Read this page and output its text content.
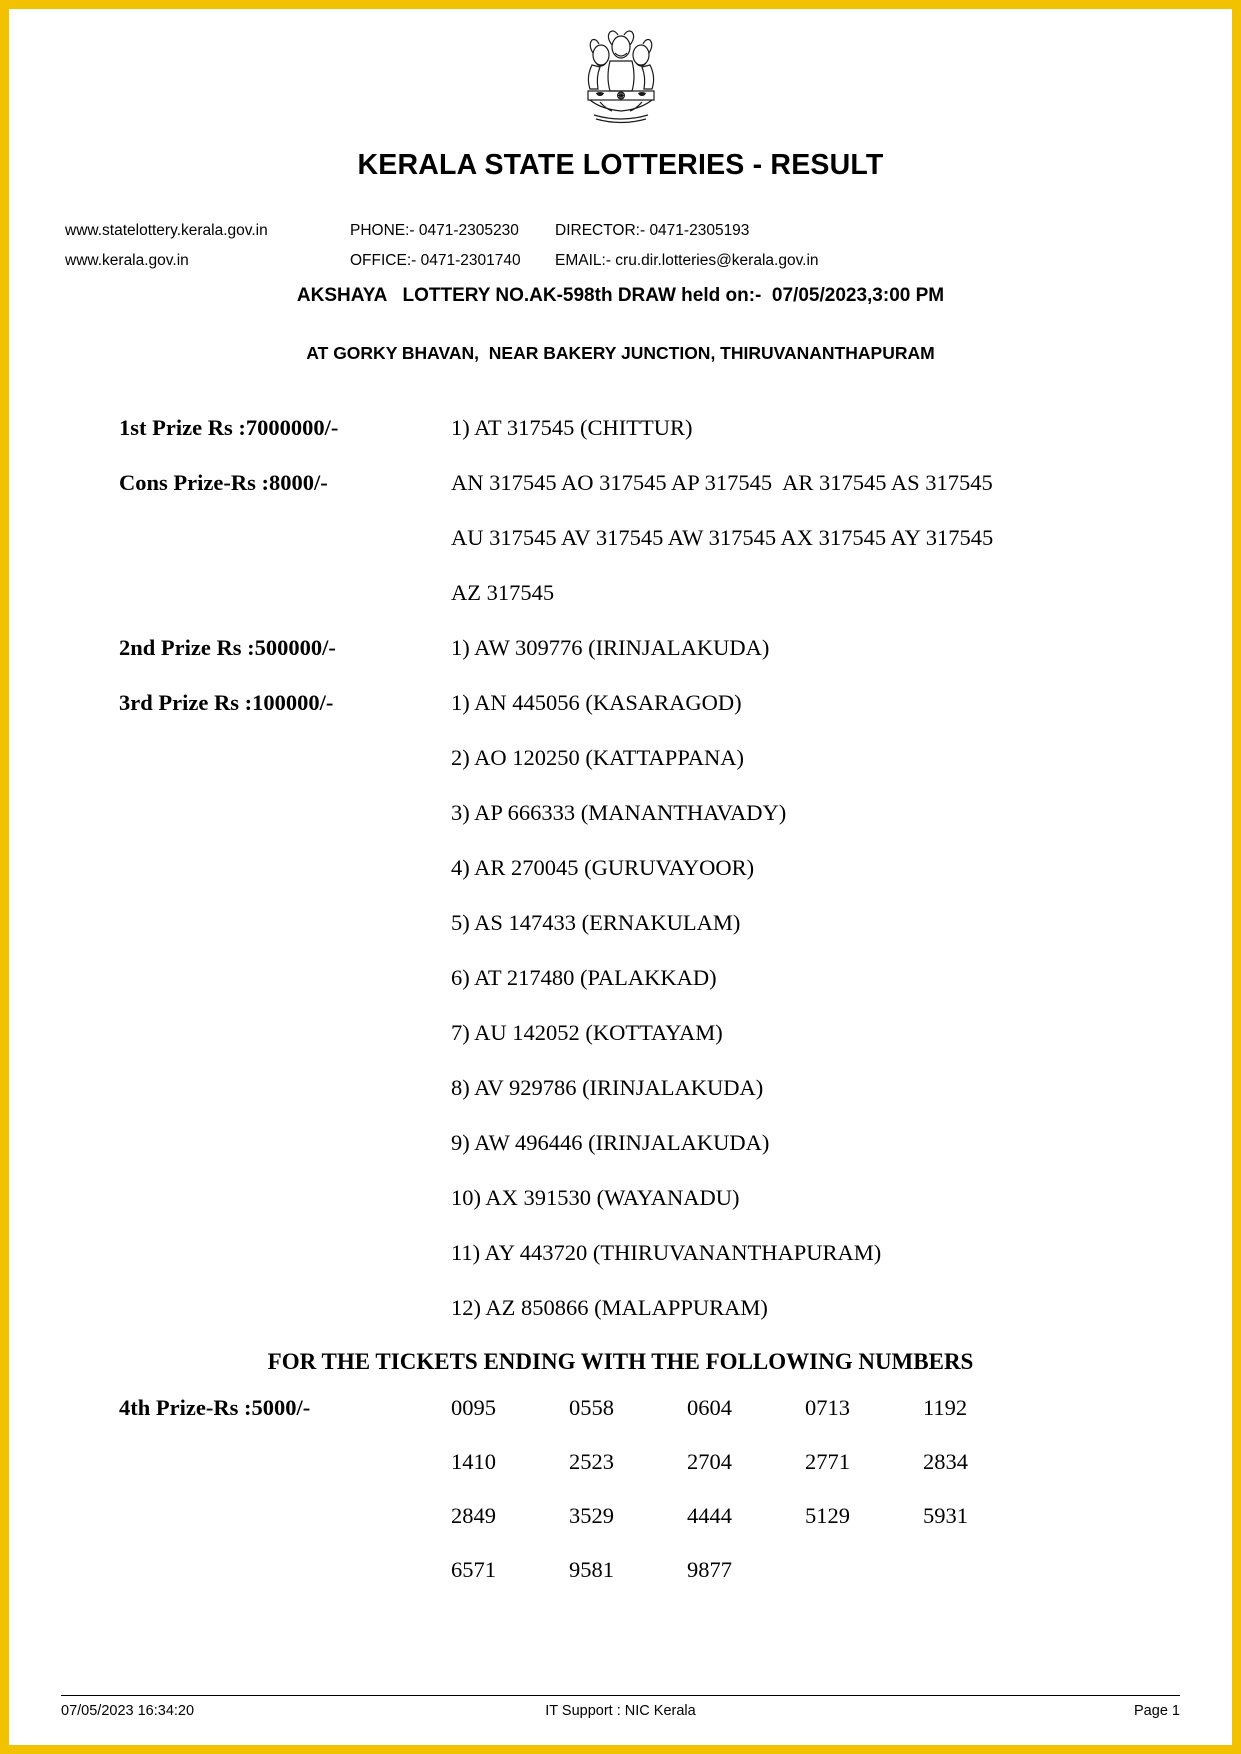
KERALA STATE LOTTERIES - RESULT
www.statelottery.kerala.gov.in	PHONE:- 0471-2305230	DIRECTOR:- 0471-2305193
www.kerala.gov.in	OFFICE:- 0471-2301740	EMAIL:- cru.dir.lotteries@kerala.gov.in
AKSHAYA   LOTTERY NO.AK-598th DRAW held on:-  07/05/2023,3:00 PM
AT GORKY BHAVAN,  NEAR BAKERY JUNCTION, THIRUVANANTHAPURAM
1st Prize Rs :7000000/-	1) AT 317545 (CHITTUR)
Cons Prize-Rs :8000/-	AN 317545 AO 317545 AP 317545  AR 317545 AS 317545
AU 317545 AV 317545 AW 317545 AX 317545 AY 317545
AZ 317545
2nd Prize Rs :500000/-	1) AW 309776 (IRINJALAKUDA)
3rd Prize Rs :100000/-	1) AN 445056 (KASARAGOD)
2) AO 120250 (KATTAPPANA)
3) AP 666333 (MANANTHAVADY)
4) AR 270045 (GURUVAYOOR)
5) AS 147433 (ERNAKULAM)
6) AT 217480 (PALAKKAD)
7) AU 142052 (KOTTAYAM)
8) AV 929786 (IRINJALAKUDA)
9) AW 496446 (IRINJALAKUDA)
10) AX 391530 (WAYANADU)
11) AY 443720 (THIRUVANANTHAPURAM)
12) AZ 850866 (MALAPPURAM)
FOR THE TICKETS ENDING WITH THE FOLLOWING NUMBERS
4th Prize-Rs :5000/-	0095	0558	0604	0713	1192
1410	2523	2704	2771	2834
2849	3529	4444	5129	5931
6571	9581	9877
07/05/2023 16:34:20	IT Support : NIC Kerala	Page 1
